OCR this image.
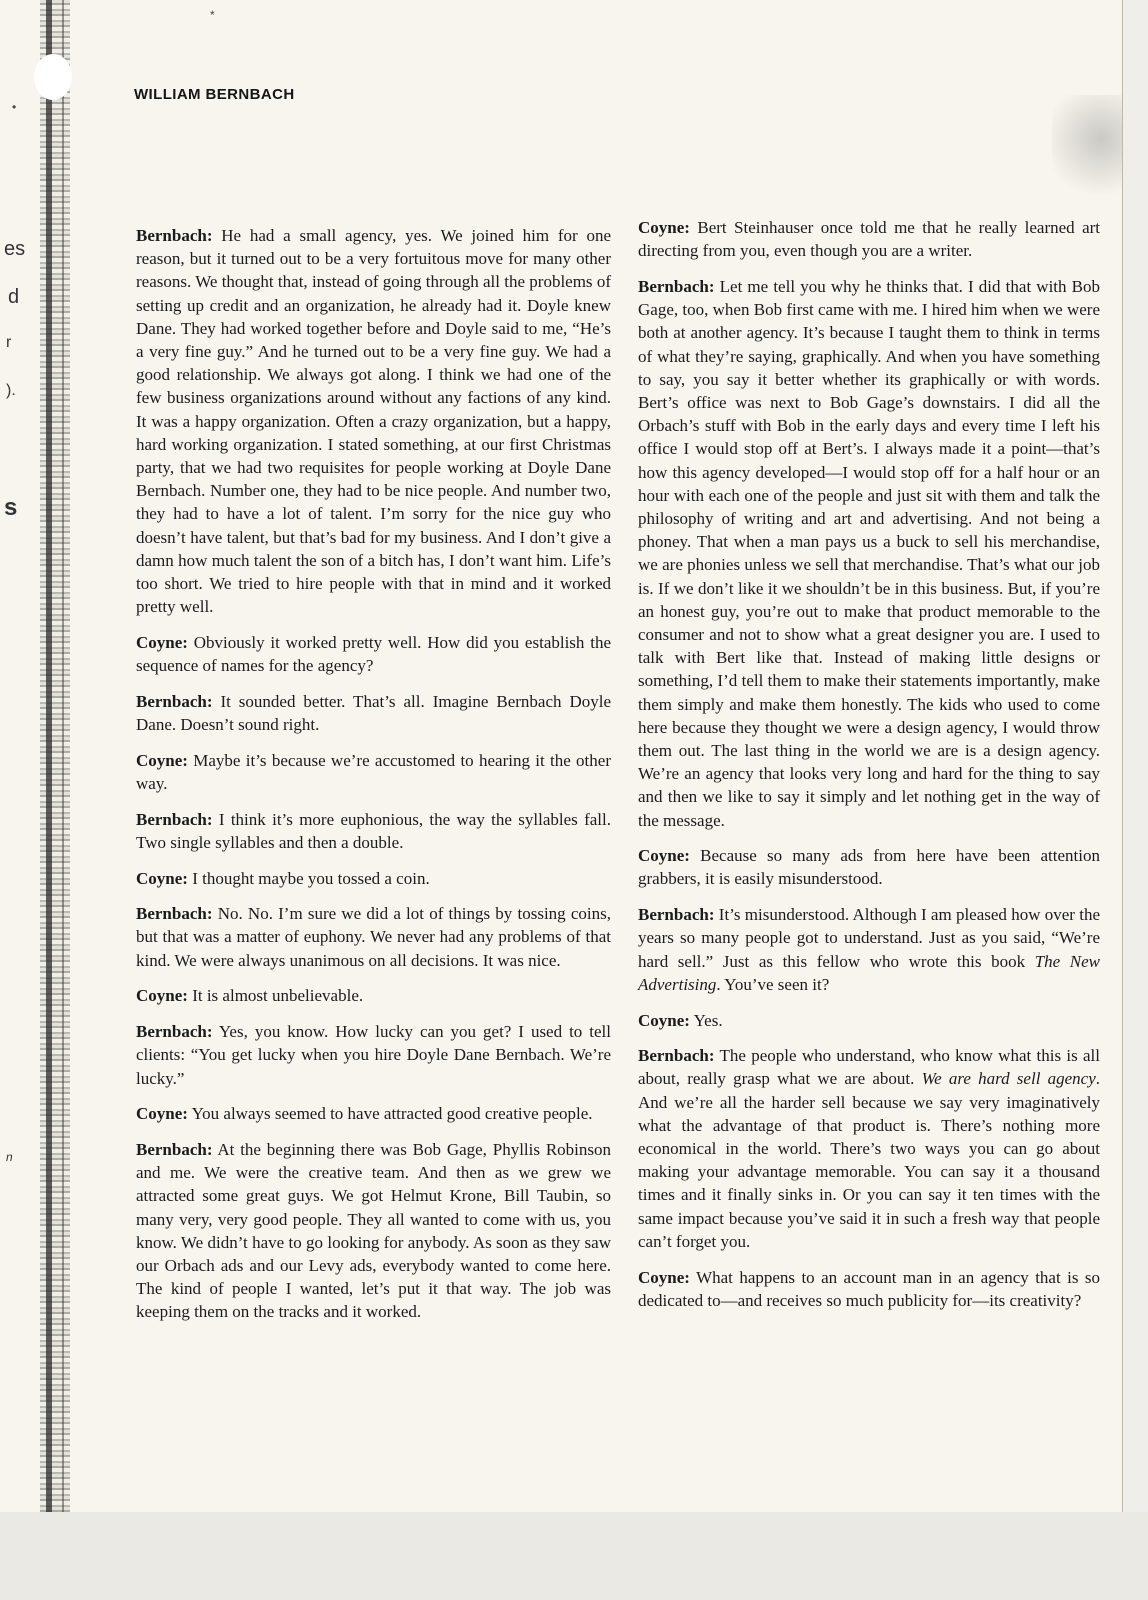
*
•
es
d
r
).
s
n
WILLIAM BERNBACH

Bernbach: He had a small agency, yes. We joined him for one reason, but it turned out to be a very fortuitous move for many other reasons. We thought that, instead of going through all the problems of setting up credit and an organization, he already had it. Doyle knew Dane. They had worked together before and Doyle said to me, “He’s a very fine guy.” And he turned out to be a very fine guy. We had a good relationship. We always got along. I think we had one of the few business organizations around without any factions of any kind. It was a happy organization. Often a crazy organization, but a happy, hard working organization. I stated something, at our first Christmas party, that we had two requisites for people working at Doyle Dane Bernbach. Number one, they had to be nice people. And number two, they had to have a lot of talent. I’m sorry for the nice guy who doesn’t have talent, but that’s bad for my business. And I don’t give a damn how much talent the son of a bitch has, I don’t want him. Life’s too short. We tried to hire people with that in mind and it worked pretty well.

Coyne: Obviously it worked pretty well. How did you establish the sequence of names for the agency?

Bernbach: It sounded better. That’s all. Imagine Bernbach Doyle Dane. Doesn’t sound right.

Coyne: Maybe it’s because we’re accustomed to hearing it the other way.

Bernbach: I think it’s more euphonious, the way the syllables fall. Two single syllables and then a double.

Coyne: I thought maybe you tossed a coin.

Bernbach: No. No. I’m sure we did a lot of things by tossing coins, but that was a matter of euphony. We never had any problems of that kind. We were always unanimous on all decisions. It was nice.

Coyne: It is almost unbelievable.

Bernbach: Yes, you know. How lucky can you get? I used to tell clients: “You get lucky when you hire Doyle Dane Bernbach. We’re lucky.”

Coyne: You always seemed to have attracted good creative people.

Bernbach: At the beginning there was Bob Gage, Phyllis Robinson and me. We were the creative team. And then as we grew we attracted some great guys. We got Helmut Krone, Bill Taubin, so many very, very good people. They all wanted to come with us, you know. We didn’t have to go looking for anybody. As soon as they saw our Orbach ads and our Levy ads, everybody wanted to come here. The kind of people I wanted, let’s put it that way. The job was keeping them on the tracks and it worked.

Coyne: Bert Steinhauser once told me that he really learned art directing from you, even though you are a writer.

Bernbach: Let me tell you why he thinks that. I did that with Bob Gage, too, when Bob first came with me. I hired him when we were both at another agency. It’s because I taught them to think in terms of what they’re saying, graphically. And when you have something to say, you say it better whether its graphically or with words. Bert’s office was next to Bob Gage’s downstairs. I did all the Orbach’s stuff with Bob in the early days and every time I left his office I would stop off at Bert’s. I always made it a point—that’s how this agency developed—I would stop off for a half hour or an hour with each one of the people and just sit with them and talk the philosophy of writing and art and advertising. And not being a phoney. That when a man pays us a buck to sell his merchandise, we are phonies unless we sell that merchandise. That’s what our job is. If we don’t like it we shouldn’t be in this business. But, if you’re an honest guy, you’re out to make that product memorable to the consumer and not to show what a great designer you are. I used to talk with Bert like that. Instead of making little designs or something, I’d tell them to make their statements importantly, make them simply and make them honestly. The kids who used to come here because they thought we were a design agency, I would throw them out. The last thing in the world we are is a design agency. We’re an agency that looks very long and hard for the thing to say and then we like to say it simply and let nothing get in the way of the message.

Coyne: Because so many ads from here have been attention grabbers, it is easily misunderstood.

Bernbach: It’s misunderstood. Although I am pleased how over the years so many people got to understand. Just as you said, “We’re hard sell.” Just as this fellow who wrote this book The New Advertising. You’ve seen it?

Coyne: Yes.

Bernbach: The people who understand, who know what this is all about, really grasp what we are about. We are hard sell agency. And we’re all the harder sell because we say very imaginatively what the advantage of that product is. There’s nothing more economical in the world. There’s two ways you can go about making your advantage memorable. You can say it a thousand times and it finally sinks in. Or you can say it ten times with the same impact because you’ve said it in such a fresh way that people can’t forget you.

Coyne: What happens to an account man in an agency that is so dedicated to—and receives so much publicity for—its creativity?
